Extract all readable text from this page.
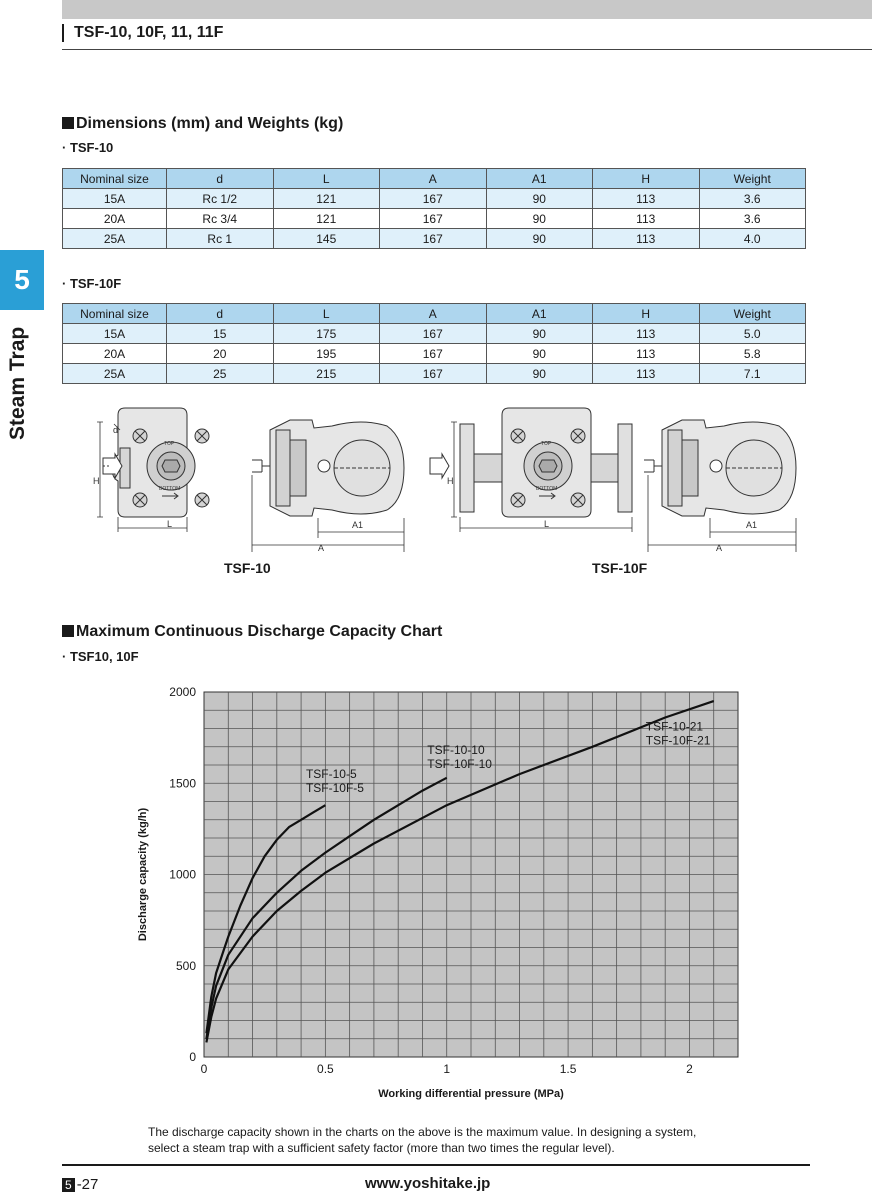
TSF-10, 10F, 11, 11F
5
Steam Trap
Dimensions (mm) and Weights (kg)
· TSF-10
Nominal size	d	L	A	A1	H	Weight
15A	Rc 1/2	121	167	90	113	3.6
20A	Rc 3/4	121	167	90	113	3.6
25A	Rc 1	145	167	90	113	4.0
· TSF-10F
Nominal size	d	L	A	A1	H	Weight
15A	15	175	167	90	113	5.0
20A	20	195	167	90	113	5.8
25A	25	215	167	90	113	7.1
d
H
L
TOP
BOTTOM
A
A1
H
L
TOP
BOTTOM
A
A1
TSF-10	TSF-10F
Maximum Continuous Discharge Capacity Chart
· TSF10, 10F
0	0.5	1	1.5	2
0
500
1000
1500
2000
TSF-10-5
TSF-10F-5
TSF-10-10
TSF-10F-10
TSF-10-21
TSF-10F-21
Working differential pressure (MPa)
Discharge capacity (kg/h)
The discharge capacity shown in the charts on the above is the maximum value. In designing a system, select a steam trap with a sufficient safety factor (more than two times the regular level).
5 -27	www.yoshitake.jp
